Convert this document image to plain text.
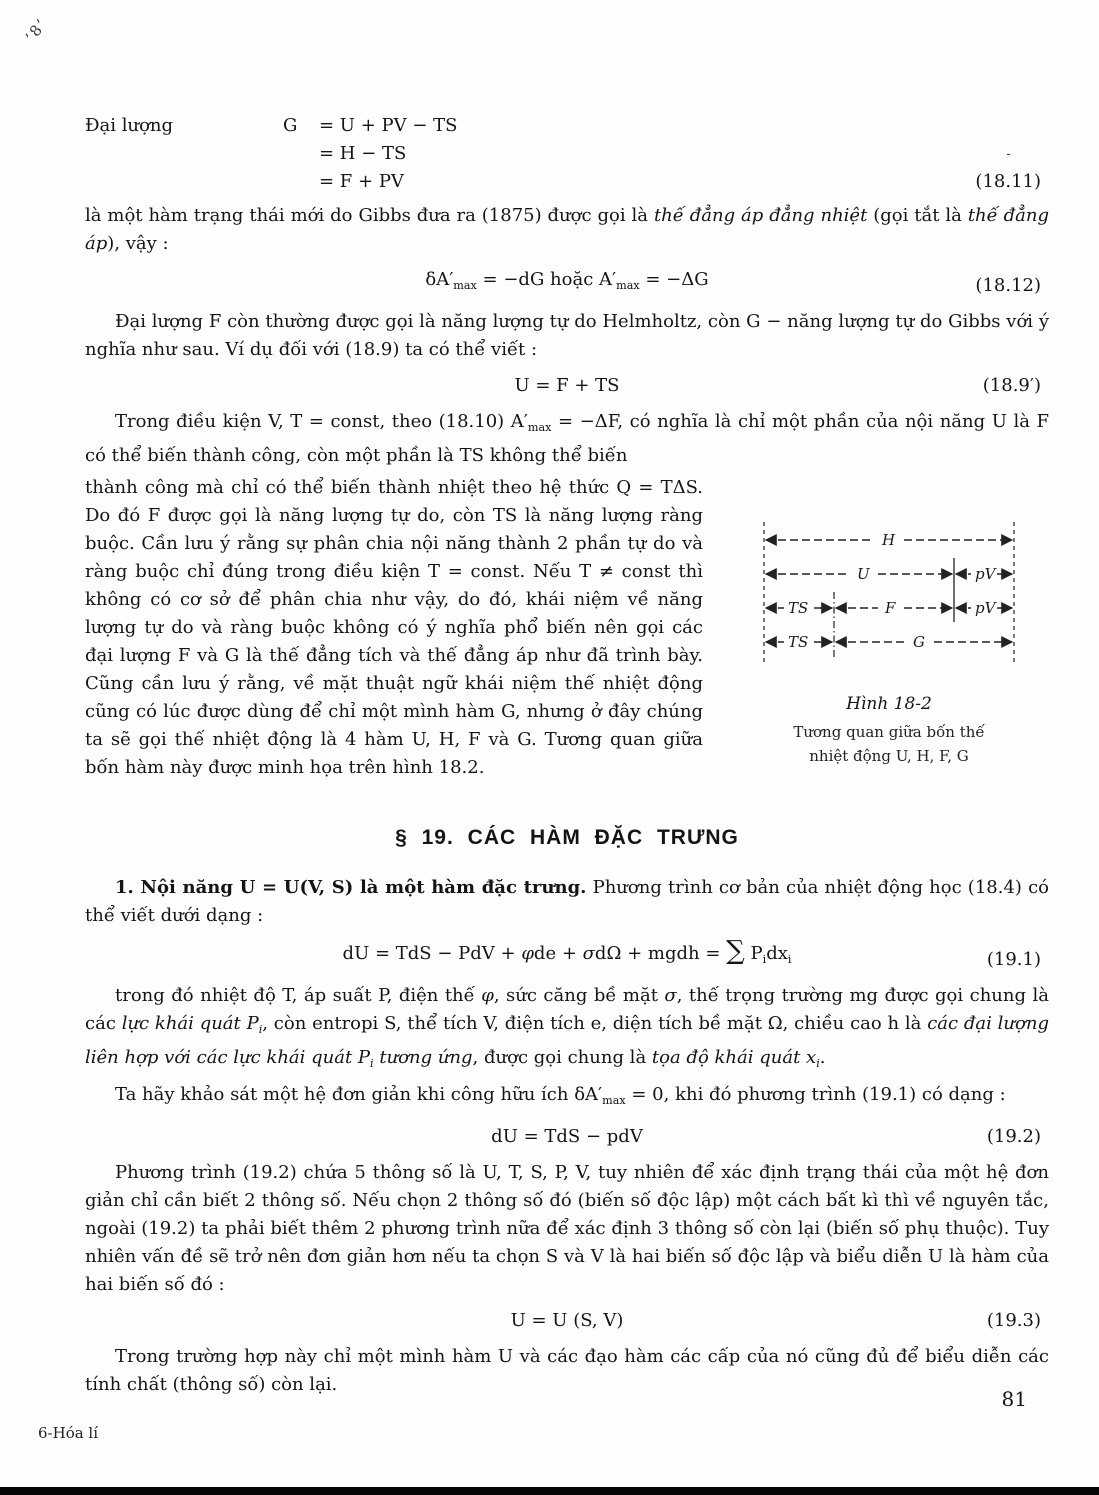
’8’
-
Đại lượng	G	= U + PV − TS
= H − TS
= F + PV	(18.11)

là một hàm trạng thái mới do Gibbs đưa ra (1875) được gọi là thế đẳng áp đẳng nhiệt (gọi tắt là thế đẳng áp), vậy :

$\delta A'_{max} = -dG$ hoặc $A'_{max} = -\Delta G$	(18.12)

Đại lượng F còn thường được gọi là năng lượng tự do Helmholtz, còn G − năng lượng tự do Gibbs với ý nghĩa như sau. Ví dụ đối với (18.9) ta có thể viết :

U = F + TS	(18.9′)

Trong điều kiện V, T = const, theo (18.10) $A'_{max} = -\Delta F$, có nghĩa là chỉ một phần của nội năng U là F có thể biến thành công, còn một phần là TS không thể biến

thành công mà chỉ có thể biến thành nhiệt theo hệ thức Q = TΔS. Do đó F được gọi là năng lượng tự do, còn TS là năng lượng ràng buộc. Cần lưu ý rằng sự phân chia nội năng thành 2 phần tự do và ràng buộc chỉ đúng trong điều kiện T = const. Nếu T ≠ const thì không có cơ sở để phân chia như vậy, do đó, khái niệm về năng lượng tự do và ràng buộc không có ý nghĩa phổ biến nên gọi các đại lượng F và G là thế đẳng tích và thế đẳng áp như đã trình bày. Cũng cần lưu ý rằng, về mặt thuật ngữ khái niệm thế nhiệt động cũng có lúc được dùng để chỉ một mình hàm G, nhưng ở đây chúng ta sẽ gọi thế nhiệt động là 4 hàm U, H, F và G. Tương quan giữa bốn hàm này được minh họa trên hình 18.2.
H
U	pV
TS	F	pV
TS	G
Hình 18-2
Tương quan giữa bốn thế
nhiệt động U, H, F, G
§ 19. CÁC HÀM ĐẶC TRƯNG

1. Nội năng U = U(V, S) là một hàm đặc trưng. Phương trình cơ bản của nhiệt động học (18.4) có thể viết dưới dạng :

dU = TdS − PdV + φde + σdΩ + mgdh = ∑ $P_idx_i$	(19.1)

trong đó nhiệt độ T, áp suất P, điện thế φ, sức căng bề mặt σ, thế trọng trường mg được gọi chung là các lực khái quát $P_i$, còn entropi S, thể tích V, điện tích e, diện tích bề mặt Ω, chiều cao h là các đại lượng liên hợp với các lực khái quát $P_i$ tương ứng, được gọi chung là tọa độ khái quát $x_i$.

Ta hãy khảo sát một hệ đơn giản khi công hữu ích $\delta A'_{max} = 0$, khi đó phương trình (19.1) có dạng :

dU = TdS − pdV	(19.2)

Phương trình (19.2) chứa 5 thông số là U, T, S, P, V, tuy nhiên để xác định trạng thái của một hệ đơn giản chỉ cần biết 2 thông số. Nếu chọn 2 thông số đó (biến số độc lập) một cách bất kì thì về nguyên tắc, ngoài (19.2) ta phải biết thêm 2 phương trình nữa để xác định 3 thông số còn lại (biến số phụ thuộc). Tuy nhiên vấn đề sẽ trở nên đơn giản hơn nếu ta chọn S và V là hai biến số độc lập và biểu diễn U là hàm của hai biến số đó :

U = U (S, V)	(19.3)

Trong trường hợp này chỉ một mình hàm U và các đạo hàm các cấp của nó cũng đủ để biểu diễn các tính chất (thông số) còn lại.

81
6-Hóa lí
